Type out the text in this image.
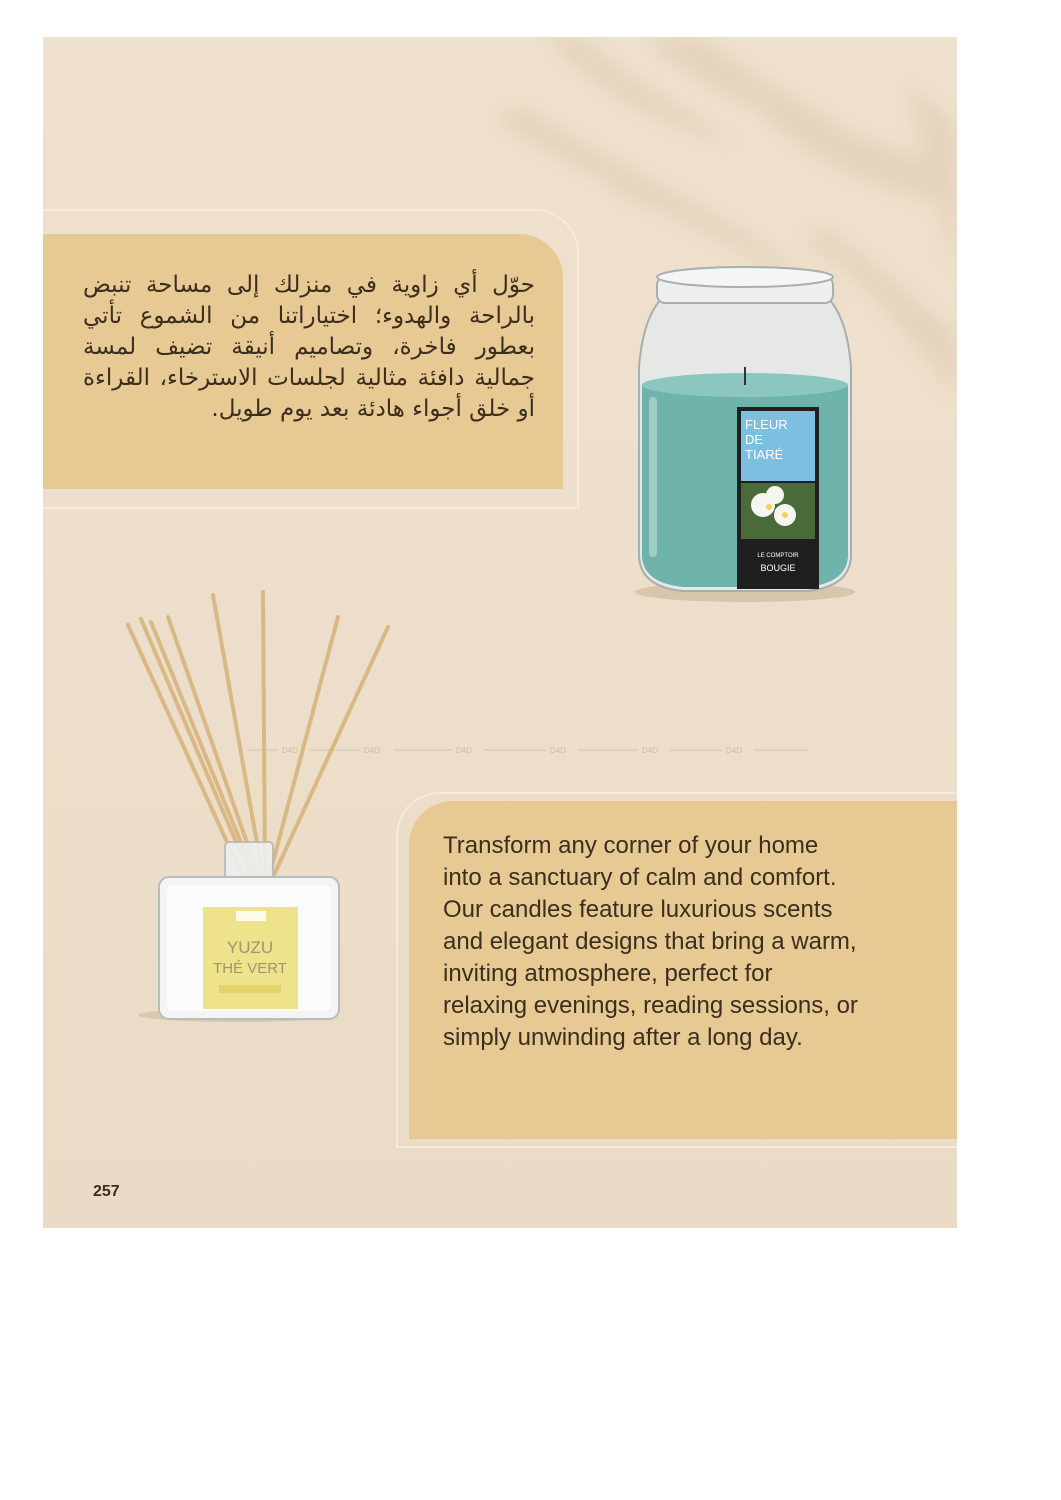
حوّل أي زاوية في منزلك إلى مساحة تنبض بالراحة والهدوء؛ اختياراتنا من الشموع تأتي بعطور فاخرة، وتصاميم أنيقة تضيف لمسة جمالية دافئة مثالية لجلسات الاسترخاء، القراءة أو خلق أجواء هادئة بعد يوم طويل.

FLEUR
DE
TIARÉ
LE COMPTOIR
BOUGIE
D4D	D4D	D4D	D4D	D4D	D4D
YUZU
THÉ VERT

Transform any corner of your home into a sanctuary of calm and comfort. Our candles feature luxurious scents and elegant designs that bring a warm, inviting atmosphere, perfect for relaxing evenings, reading sessions, or simply unwinding after a long day.

257
